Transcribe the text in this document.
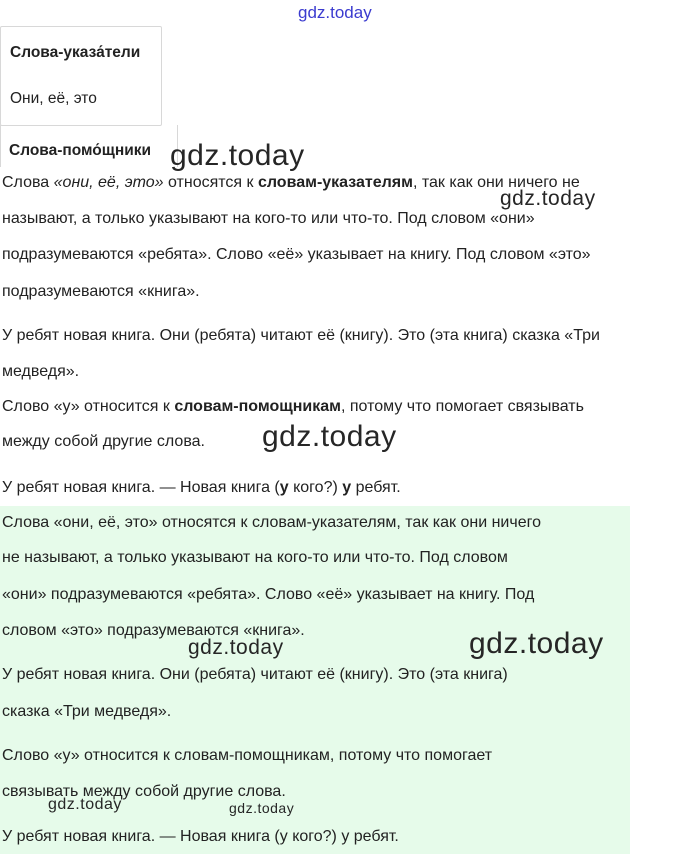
gdz.today
Слова-указа́тели
Они, её, это
Слова-помо́щники
Слова «они, её, это» относятся к словам-указателям, так как они ничего не
называют, а только указывают на кого-то или что-то. Под словом «они»
подразумеваются «ребята». Слово «её» указывает на книгу. Под словом «это»
подразумеваются «книга».
У ребят новая книга. Они (ребята) читают её (книгу). Это (эта книга) сказка «Три
медведя».
Слово «у» относится к словам-помощникам, потому что помогает связывать
между собой другие слова.
У ребят новая книга. — Новая книга (у кого?) у ребят.
Слова «они, её, это» относятся к словам-указателям, так как они ничего
не называют, а только указывают на кого-то или что-то. Под словом
«они» подразумеваются «ребята». Слово «её» указывает на книгу. Под
словом «это» подразумеваются «книга».
У ребят новая книга. Они (ребята) читают её (книгу). Это (эта книга)
сказка «Три медведя».
Слово «у» относится к словам-помощникам, потому что помогает
связывать между собой другие слова.
У ребят новая книга. — Новая книга (у кого?) у ребят.
gdz.today
gdz.today
gdz.today
gdz.today
gdz.today
gdz.today	gdz.today
